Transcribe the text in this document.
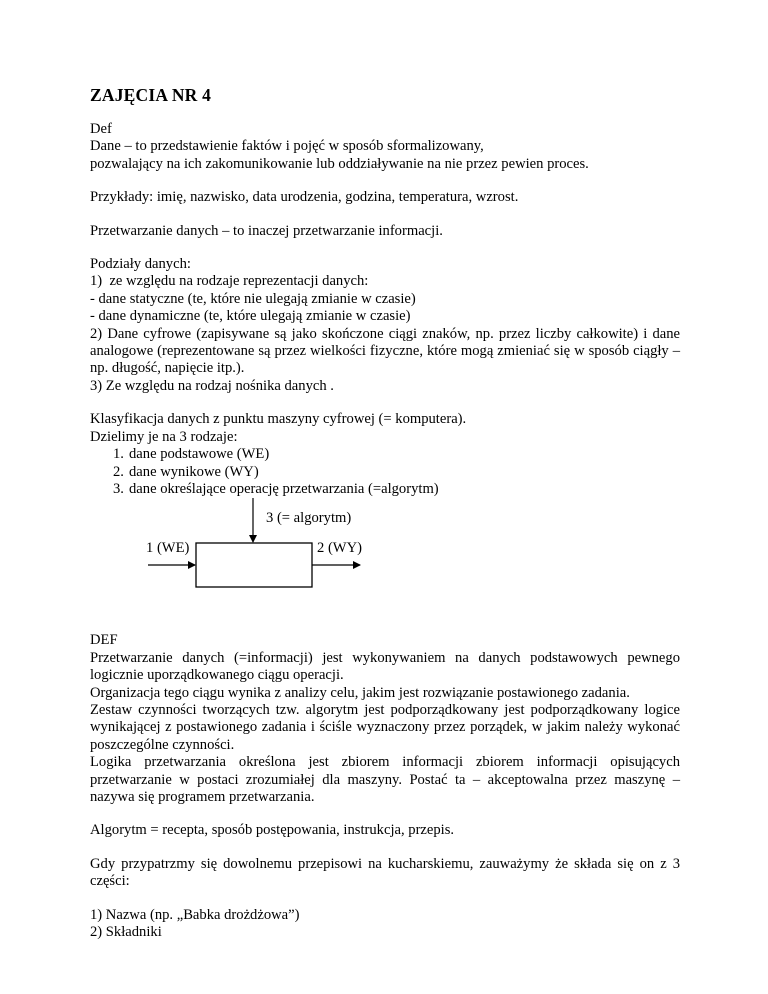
ZAJĘCIA NR 4

Def
Dane – to przedstawienie faktów i pojęć w sposób sformalizowany,
pozwalający na ich zakomunikowanie lub oddziaływanie na nie przez pewien proces.

Przykłady: imię, nazwisko, data urodzenia, godzina, temperatura, wzrost.

Przetwarzanie danych – to inaczej przetwarzanie informacji.

Podziały danych:
1)  ze względu na rodzaje reprezentacji danych:
- dane statyczne (te, które nie ulegają zmianie w czasie)
- dane dynamiczne (te, które ulegają zmianie w czasie)
2) Dane cyfrowe (zapisywane są jako skończone ciągi znaków, np. przez liczby całkowite) i dane analogowe (reprezentowane są przez wielkości fizyczne, które mogą zmieniać się w sposób ciągły – np. długość, napięcie itp.).
3) Ze względu na rodzaj nośnika danych .

Klasyfikacja danych z punktu maszyny cyfrowej (= komputera).
Dzielimy je na 3 rodzaje:
1. dane podstawowe (WE)
2. dane wynikowe (WY)
3. dane określające operację przetwarzania (=algorytm)

DEF
Przetwarzanie danych (=informacji) jest wykonywaniem na danych podstawowych pewnego logicznie uporządkowanego ciągu operacji.
Organizacja tego ciągu wynika z analizy celu, jakim jest rozwiązanie postawionego zadania.
Zestaw czynności tworzących tzw. algorytm jest podporządkowany jest podporządkowany logice wynikającej z postawionego zadania i ściśle wyznaczony przez porządek, w jakim należy wykonać poszczególne czynności.
Logika przetwarzania określona jest zbiorem informacji zbiorem informacji opisujących przetwarzanie w postaci zrozumiałej dla maszyny. Postać ta – akceptowalna przez maszynę – nazywa się programem przetwarzania.

Algorytm = recepta, sposób postępowania, instrukcja, przepis.

Gdy przypatrzmy się dowolnemu przepisowi na kucharskiemu, zauważymy że składa się on z 3 części:

1) Nazwa (np. „Babka drożdżowa”)
2) Składniki

3 (= algorytm)
1 (WE)	2 (WY)
